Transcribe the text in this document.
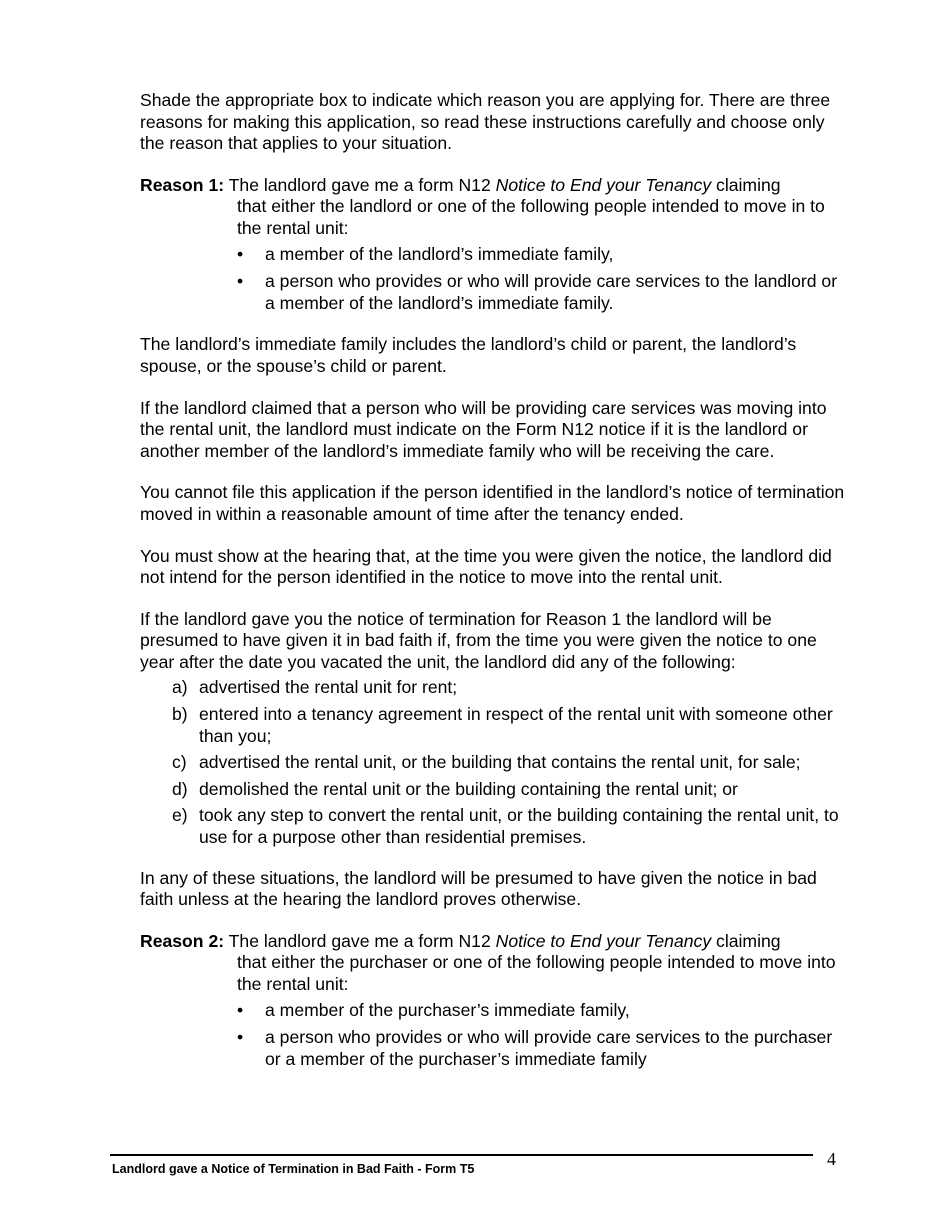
Shade the appropriate box to indicate which reason you are applying for. There are three reasons for making this application, so read these instructions carefully and choose only the reason that applies to your situation.

Reason 1: The landlord gave me a form N12 Notice to End your Tenancy claiming

that either the landlord or one of the following people intended to move in to the rental unit:

• a member of the landlord’s immediate family,
• a person who provides or who will provide care services to the landlord or a member of the landlord’s immediate family.

The landlord’s immediate family includes the landlord’s child or parent, the landlord’s spouse, or the spouse’s child or parent.

If the landlord claimed that a person who will be providing care services was moving into the rental unit, the landlord must indicate on the Form N12 notice if it is the landlord or another member of the landlord’s immediate family who will be receiving the care.

You cannot file this application if the person identified in the landlord’s notice of termination moved in within a reasonable amount of time after the tenancy ended.

You must show at the hearing that, at the time you were given the notice, the landlord did not intend for the person identified in the notice to move into the rental unit.

If the landlord gave you the notice of termination for Reason 1 the landlord will be presumed to have given it in bad faith if, from the time you were given the notice to one year after the date you vacated the unit, the landlord did any of the following:

a) advertised the rental unit for rent;
b) entered into a tenancy agreement in respect of the rental unit with someone other than you;
c) advertised the rental unit, or the building that contains the rental unit, for sale;
d) demolished the rental unit or the building containing the rental unit; or
e) took any step to convert the rental unit, or the building containing the rental unit, to use for a purpose other than residential premises.

In any of these situations, the landlord will be presumed to have given the notice in bad faith unless at the hearing the landlord proves otherwise.

Reason 2: The landlord gave me a form N12 Notice to End your Tenancy claiming

that either the purchaser or one of the following people intended to move into the rental unit:

• a member of the purchaser’s immediate family,
• a person who provides or who will provide care services to the purchaser or a member of the purchaser’s immediate family
Landlord gave a Notice of Termination in Bad Faith - Form T5	4
